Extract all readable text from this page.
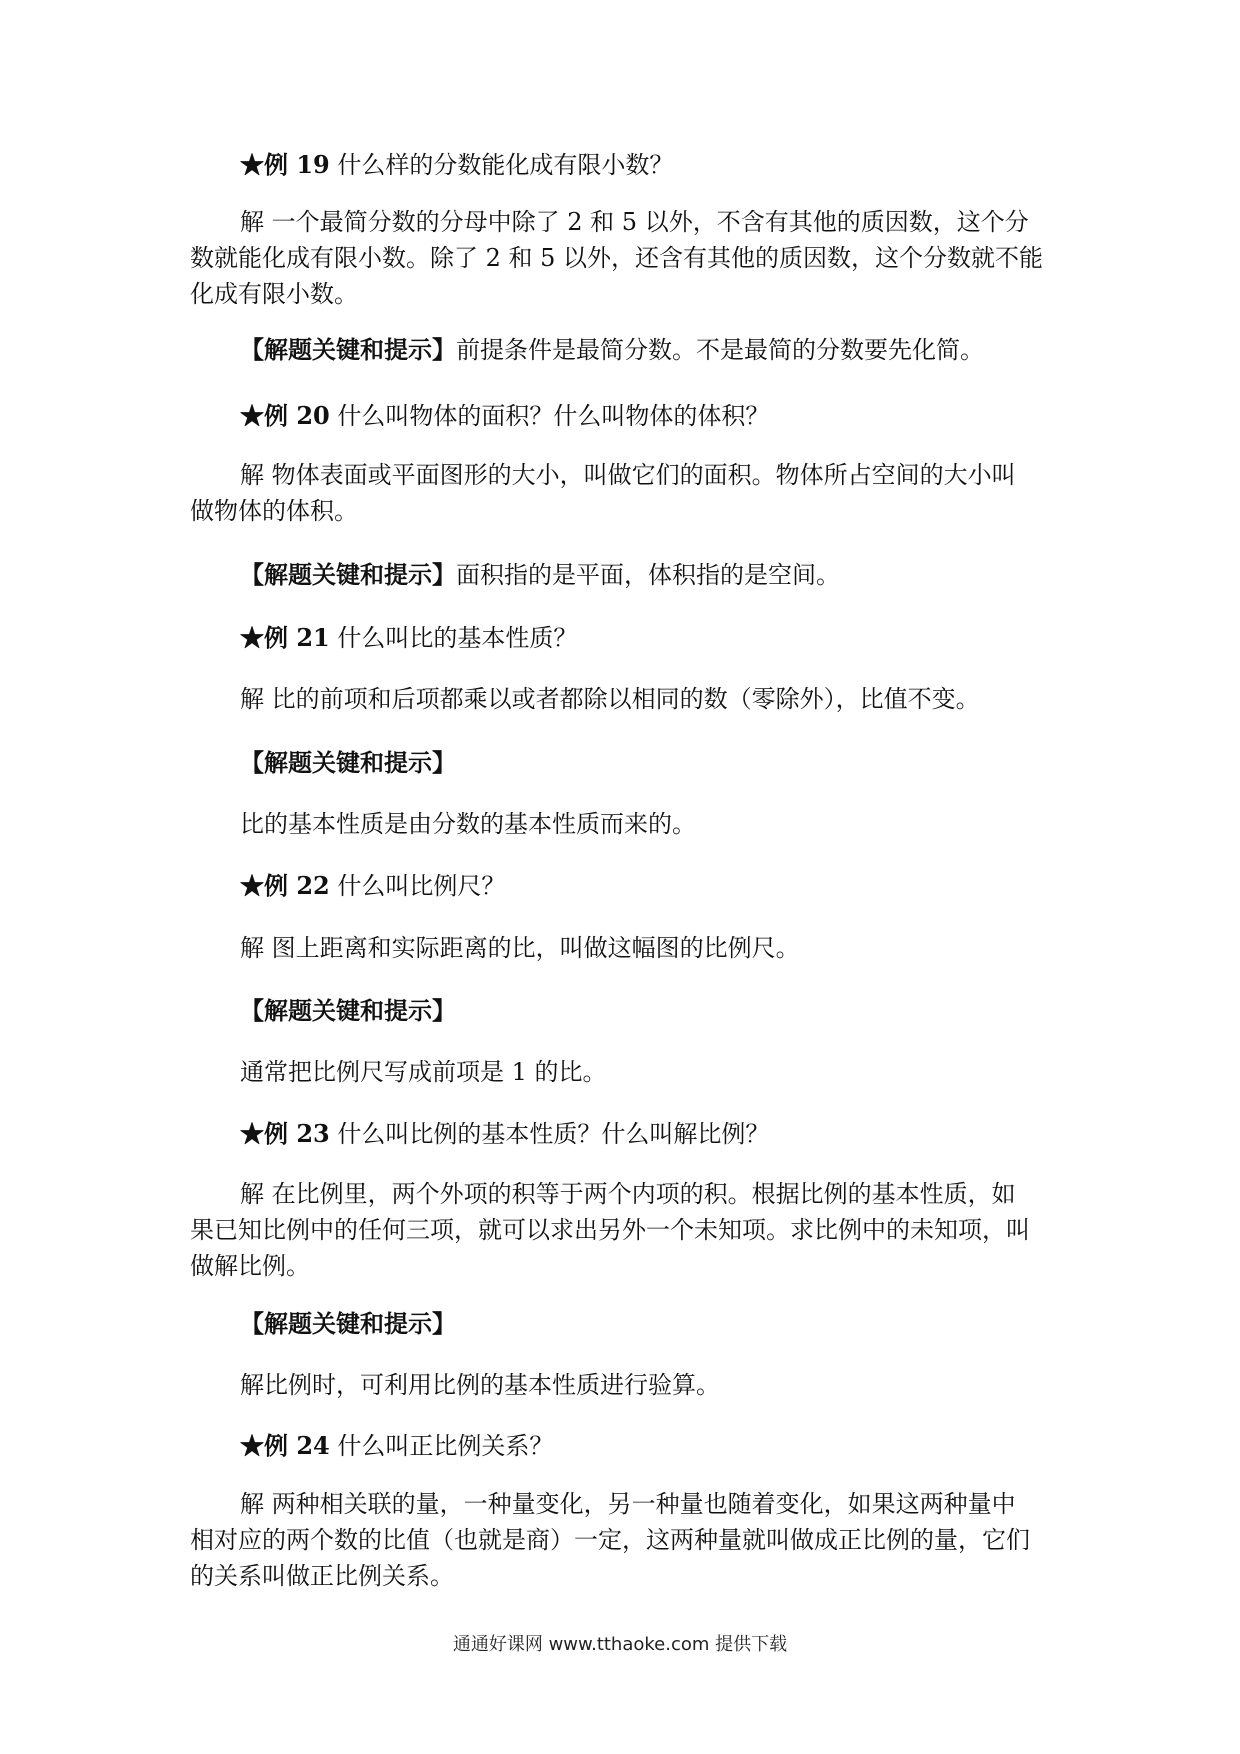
★例 19 什么样的分数能化成有限小数？
解 一个最简分数的分母中除了 2 和 5 以外，不含有其他的质因数，这个分
数就能化成有限小数。除了 2 和 5 以外，还含有其他的质因数，这个分数就不能
化成有限小数。
【解题关键和提示】前提条件是最简分数。不是最简的分数要先化简。
★例 20 什么叫物体的面积？什么叫物体的体积？
解 物体表面或平面图形的大小，叫做它们的面积。物体所占空间的大小叫
做物体的体积。
【解题关键和提示】面积指的是平面，体积指的是空间。
★例 21 什么叫比的基本性质？
解 比的前项和后项都乘以或者都除以相同的数（零除外），比值不变。
【解题关键和提示】
比的基本性质是由分数的基本性质而来的。
★例 22 什么叫比例尺？
解 图上距离和实际距离的比，叫做这幅图的比例尺。
【解题关键和提示】
通常把比例尺写成前项是 1 的比。
★例 23 什么叫比例的基本性质？什么叫解比例？
解 在比例里，两个外项的积等于两个内项的积。根据比例的基本性质，如
果已知比例中的任何三项，就可以求出另外一个未知项。求比例中的未知项，叫
做解比例。
【解题关键和提示】
解比例时，可利用比例的基本性质进行验算。
★例 24 什么叫正比例关系？
解 两种相关联的量，一种量变化，另一种量也随着变化，如果这两种量中
相对应的两个数的比值（也就是商）一定，这两种量就叫做成正比例的量，它们
的关系叫做正比例关系。
通通好课网 www.tthaoke.com 提供下载
